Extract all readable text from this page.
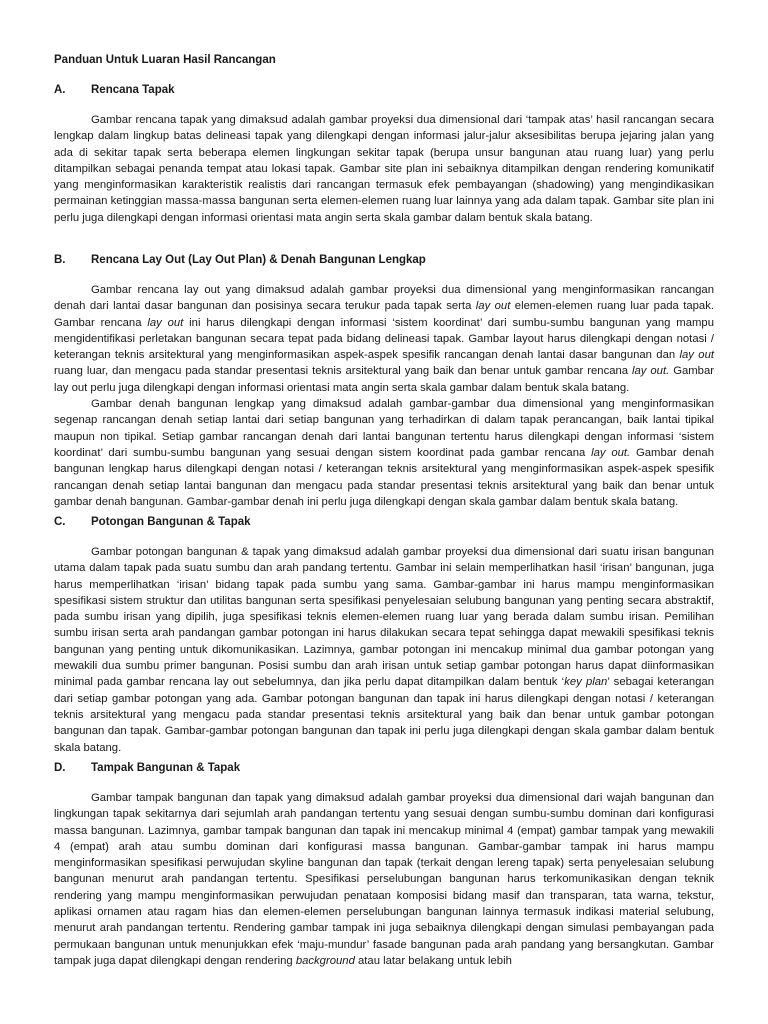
Panduan Untuk Luaran Hasil Rancangan
A. Rencana Tapak

Gambar rencana tapak yang dimaksud adalah gambar proyeksi dua dimensional dari ‘tampak atas’ hasil rancangan secara lengkap dalam lingkup batas delineasi tapak yang dilengkapi dengan informasi jalur-jalur aksesibilitas berupa jejaring jalan yang ada di sekitar tapak serta beberapa elemen lingkungan sekitar tapak (berupa unsur bangunan atau ruang luar) yang perlu ditampilkan sebagai penanda tempat atau lokasi tapak. Gambar site plan ini sebaiknya ditampilkan dengan rendering komunikatif yang menginformasikan karakteristik realistis dari rancangan termasuk efek pembayangan (shadowing) yang mengindikasikan permainan ketinggian massa-massa bangunan serta elemen-elemen ruang luar lainnya yang ada dalam tapak. Gambar site plan ini perlu juga dilengkapi dengan informasi orientasi mata angin serta skala gambar dalam bentuk skala batang.

B. Rencana Lay Out (Lay Out Plan) & Denah Bangunan Lengkap

Gambar rencana lay out yang dimaksud adalah gambar proyeksi dua dimensional yang menginformasikan rancangan denah dari lantai dasar bangunan dan posisinya secara terukur pada tapak serta lay out elemen-elemen ruang luar pada tapak. Gambar rencana lay out ini harus dilengkapi dengan informasi ‘sistem koordinat’ dari sumbu-sumbu bangunan yang mampu mengidentifikasi perletakan bangunan secara tepat pada bidang delineasi tapak. Gambar layout harus dilengkapi dengan notasi / keterangan teknis arsitektural yang menginformasikan aspek-aspek spesifik rancangan denah lantai dasar bangunan dan lay out ruang luar, dan mengacu pada standar presentasi teknis arsitektural yang baik dan benar untuk gambar rencana lay out. Gambar lay out perlu juga dilengkapi dengan informasi orientasi mata angin serta skala gambar dalam bentuk skala batang.

Gambar denah bangunan lengkap yang dimaksud adalah gambar-gambar dua dimensional yang menginformasikan segenap rancangan denah setiap lantai dari setiap bangunan yang terhadirkan di dalam tapak perancangan, baik lantai tipikal maupun non tipikal. Setiap gambar rancangan denah dari lantai bangunan tertentu harus dilengkapi dengan informasi ‘sistem koordinat’ dari sumbu-sumbu bangunan yang sesuai dengan sistem koordinat pada gambar rencana lay out. Gambar denah bangunan lengkap harus dilengkapi dengan notasi / keterangan teknis arsitektural yang menginformasikan aspek-aspek spesifik rancangan denah setiap lantai bangunan dan mengacu pada standar presentasi teknis arsitektural yang baik dan benar untuk gambar denah bangunan. Gambar-gambar denah ini perlu juga dilengkapi dengan skala gambar dalam bentuk skala batang.

C. Potongan Bangunan & Tapak

Gambar potongan bangunan & tapak yang dimaksud adalah gambar proyeksi dua dimensional dari suatu irisan bangunan utama dalam tapak pada suatu sumbu dan arah pandang tertentu. Gambar ini selain memperlihatkan hasil ‘irisan’ bangunan, juga harus memperlihatkan ‘irisan’ bidang tapak pada sumbu yang sama. Gambar-gambar ini harus mampu menginformasikan spesifikasi sistem struktur dan utilitas bangunan serta spesifikasi penyelesaian selubung bangunan yang penting secara abstraktif, pada sumbu irisan yang dipilih, juga spesifikasi teknis elemen-elemen ruang luar yang berada dalam sumbu irisan. Pemilihan sumbu irisan serta arah pandangan gambar potongan ini harus dilakukan secara tepat sehingga dapat mewakili spesifikasi teknis bangunan yang penting untuk dikomunikasikan. Lazimnya, gambar potongan ini mencakup minimal dua gambar potongan yang mewakili dua sumbu primer bangunan. Posisi sumbu dan arah irisan untuk setiap gambar potongan harus dapat diinformasikan minimal pada gambar rencana lay out sebelumnya, dan jika perlu dapat ditampilkan dalam bentuk ‘key plan’ sebagai keterangan dari setiap gambar potongan yang ada. Gambar potongan bangunan dan tapak ini harus dilengkapi dengan notasi / keterangan teknis arsitektural yang mengacu pada standar presentasi teknis arsitektural yang baik dan benar untuk gambar potongan bangunan dan tapak. Gambar-gambar potongan bangunan dan tapak ini perlu juga dilengkapi dengan skala gambar dalam bentuk skala batang.

D. Tampak Bangunan & Tapak

Gambar tampak bangunan dan tapak yang dimaksud adalah gambar proyeksi dua dimensional dari wajah bangunan dan lingkungan tapak sekitarnya dari sejumlah arah pandangan tertentu yang sesuai dengan sumbu-sumbu dominan dari konfigurasi massa bangunan. Lazimnya, gambar tampak bangunan dan tapak ini mencakup minimal 4 (empat) gambar tampak yang mewakili 4 (empat) arah atau sumbu dominan dari konfigurasi massa bangunan. Gambar-gambar tampak ini harus mampu menginformasikan spesifikasi perwujudan skyline bangunan dan tapak (terkait dengan lereng tapak) serta penyelesaian selubung bangunan menurut arah pandangan tertentu. Spesifikasi perselubungan bangunan harus terkomunikasikan dengan teknik rendering yang mampu menginformasikan perwujudan penataan komposisi bidang masif dan transparan, tata warna, tekstur, aplikasi ornamen atau ragam hias dan elemen-elemen perselubungan bangunan lainnya termasuk indikasi material selubung, menurut arah pandangan tertentu. Rendering gambar tampak ini juga sebaiknya dilengkapi dengan simulasi pembayangan pada permukaan bangunan untuk menunjukkan efek ‘maju-mundur’ fasade bangunan pada arah pandang yang bersangkutan. Gambar tampak juga dapat dilengkapi dengan rendering background atau latar belakang untuk lebih
